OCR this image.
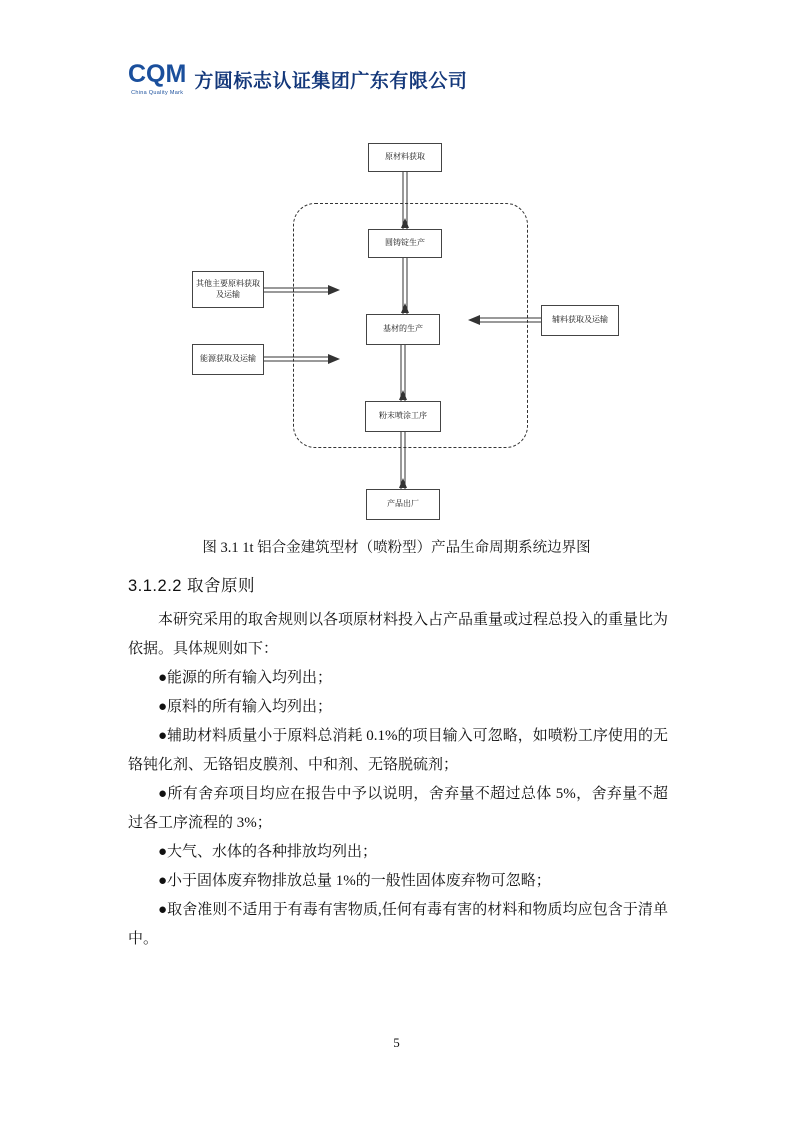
CQM
China Quality Mark
方圆标志认证集团广东有限公司
原材料获取
圆铸锭生产
基材的生产
粉末喷涂工序
产品出厂
其他主要原料获取及运输
能源获取及运输
辅料获取及运输
图 3.1 1t 铝合金建筑型材（喷粉型）产品生命周期系统边界图
3.1.2.2 取舍原则

本研究采用的取舍规则以各项原材料投入占产品重量或过程总投入的重量比为依据。具体规则如下：

●能源的所有输入均列出；

●原料的所有输入均列出；

●辅助材料质量小于原料总消耗 0.1%的项目输入可忽略，如喷粉工序使用的无铬钝化剂、无铬铝皮膜剂、中和剂、无铬脱硫剂；

●所有舍弃项目均应在报告中予以说明，舍弃量不超过总体 5%，舍弃量不超过各工序流程的 3%；

●大气、水体的各种排放均列出；

●小于固体废弃物排放总量 1%的一般性固体废弃物可忽略；

●取舍准则不适用于有毒有害物质,任何有毒有害的材料和物质均应包含于清单中。

5
